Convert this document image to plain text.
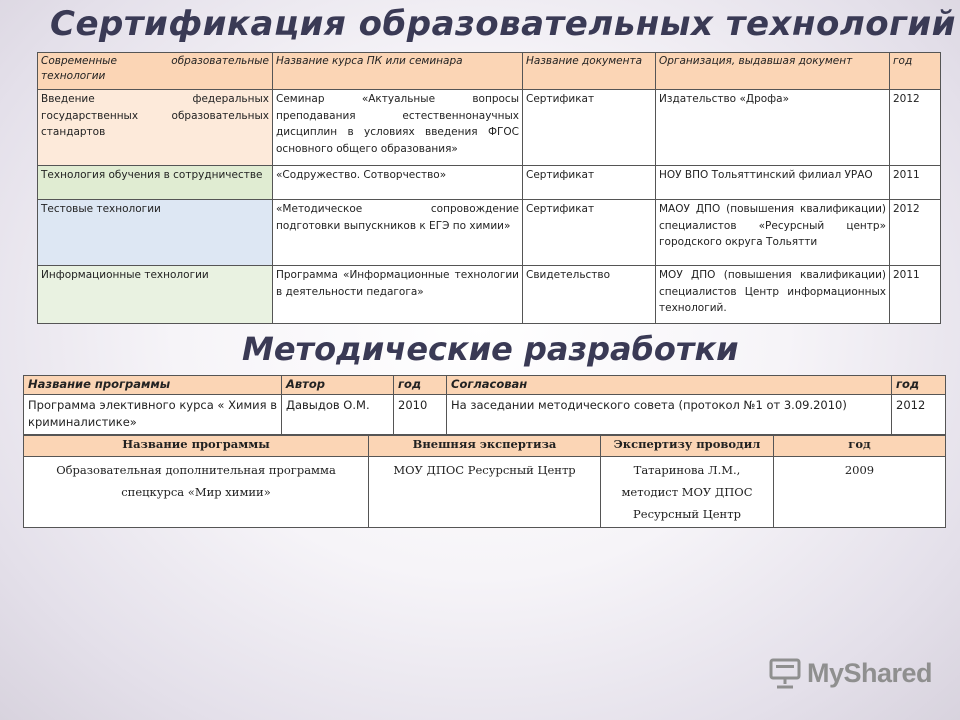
Сертификация образовательных технологий
Современные образовательные технологии	Название курса ПК или семинара	Название документа	Организация, выдавшая документ	год
Введение федеральных государственных образовательных стандартов	Семинар «Актуальные вопросы преподавания естественнонаучных дисциплин в условиях введения ФГОС основного общего образования»	Сертификат	Издательство «Дрофа»	2012
Технология обучения в сотрудничестве	«Содружество. Сотворчество»	Сертификат	НОУ ВПО Тольяттинский филиал УРАО	2011
Тестовые технологии	«Методическое сопровождение подготовки выпускников к ЕГЭ по химии»	Сертификат	МАОУ ДПО (повышения квалификации) специалистов «Ресурсный центр» городского округа Тольятти	2012
Информационные технологии	Программа «Информационные технологии в деятельности педагога»	Свидетельство	МОУ ДПО (повышения квалификации) специалистов Центр информационных технологий.	2011
Методические разработки
Название программы	Автор	год	Согласован	год
Программа элективного курса « Химия в криминалистике»	Давыдов О.М.	2010	На заседании методического совета (протокол №1 от 3.09.2010)	2012
Название программы	Внешняя экспертиза	Экспертизу проводил	год
Образовательная дополнительная программа спецкурса «Мир химии»	МОУ ДПОС Ресурсный Центр	Татаринова Л.М., методист МОУ ДПОС Ресурсный Центр	2009
MyShared
